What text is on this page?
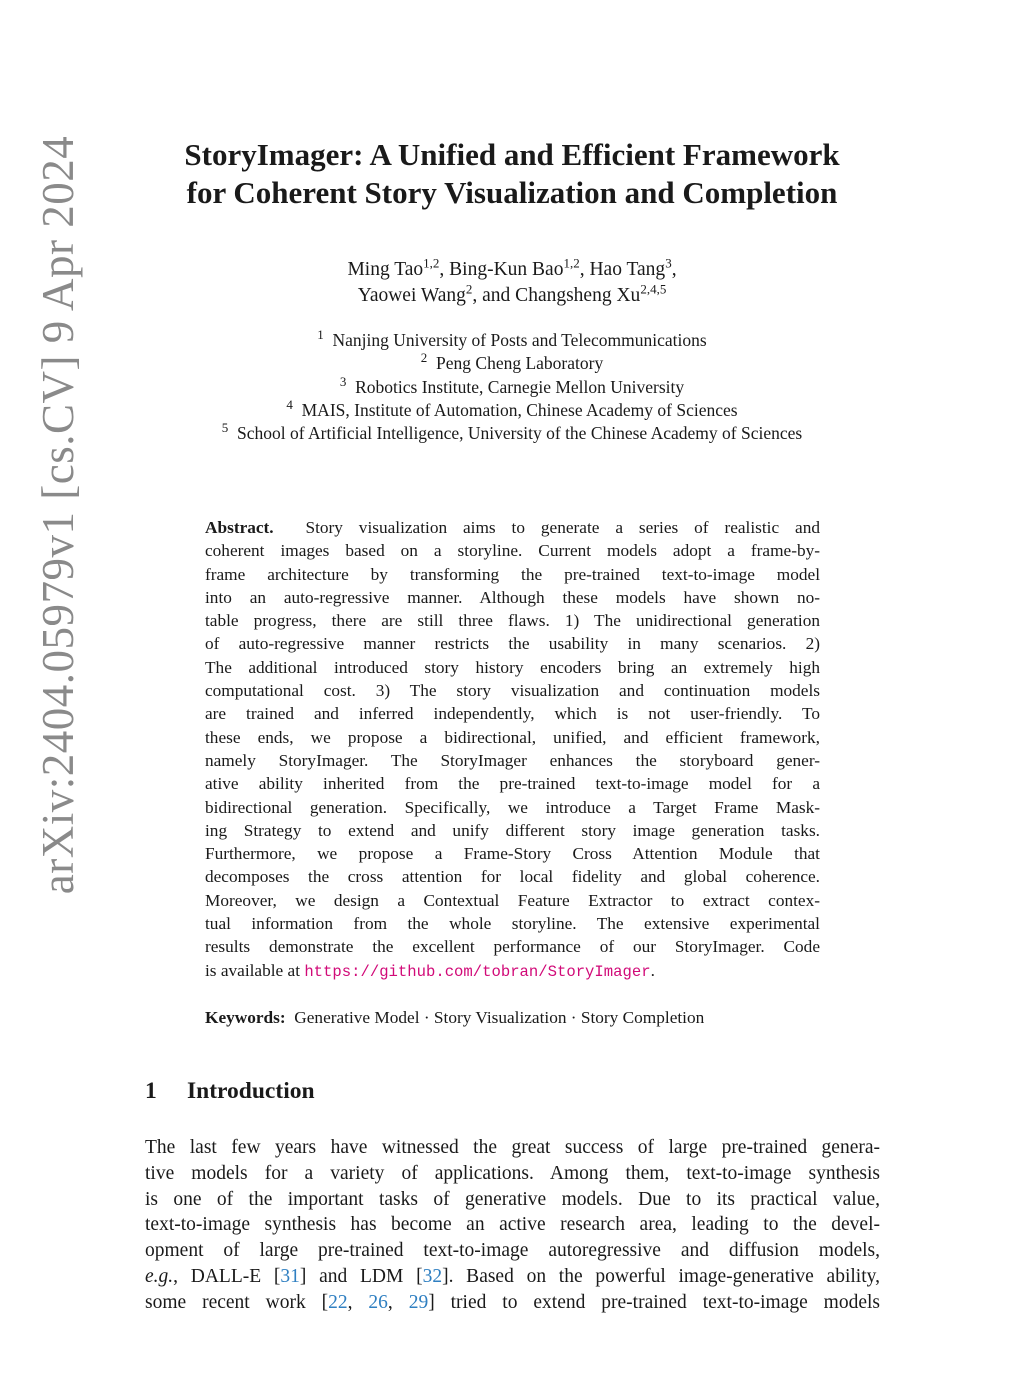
arXiv:2404.05979v1 [cs.CV] 9 Apr 2024	StoryImager: A Unified and Efficient Framework
for Coherent Story Visualization and Completion
Ming Tao$^{1,2}$, Bing-Kun Bao$^{1,2}$, Hao Tang$^3$,
Yaowei Wang$^2$, and Changsheng Xu$^{2,4,5}$
$^1$ Nanjing University of Posts and Telecommunications
$^2$ Peng Cheng Laboratory
$^3$ Robotics Institute, Carnegie Mellon University
$^4$ MAIS, Institute of Automation, Chinese Academy of Sciences
$^5$ School of Artificial Intelligence, University of the Chinese Academy of Sciences
Abstract. Story visualization aims to generate a series of realistic and
coherent images based on a storyline. Current models adopt a frame-by-
frame architecture by transforming the pre-trained text-to-image model
into an auto-regressive manner. Although these models have shown no-
table progress, there are still three flaws. 1) The unidirectional generation
of auto-regressive manner restricts the usability in many scenarios. 2)
The additional introduced story history encoders bring an extremely high
computational cost. 3) The story visualization and continuation models
are trained and inferred independently, which is not user-friendly. To
these ends, we propose a bidirectional, unified, and efficient framework,
namely StoryImager. The StoryImager enhances the storyboard gener-
ative ability inherited from the pre-trained text-to-image model for a
bidirectional generation. Specifically, we introduce a Target Frame Mask-
ing Strategy to extend and unify different story image generation tasks.
Furthermore, we propose a Frame-Story Cross Attention Module that
decomposes the cross attention for local fidelity and global coherence.
Moreover, we design a Contextual Feature Extractor to extract contex-
tual information from the whole storyline. The extensive experimental
results demonstrate the excellent performance of our StoryImager. Code
is available at https://github.com/tobran/StoryImager.
Keywords: Generative Model · Story Visualization · Story Completion
1 Introduction
The last few years have witnessed the great success of large pre-trained genera-
tive models for a variety of applications. Among them, text-to-image synthesis
is one of the important tasks of generative models. Due to its practical value,
text-to-image synthesis has become an active research area, leading to the devel-
opment of large pre-trained text-to-image autoregressive and diffusion models,
e.g., DALL-E [31] and LDM [32]. Based on the powerful image-generative ability,
some recent work [22, 26, 29] tried to extend pre-trained text-to-image models
